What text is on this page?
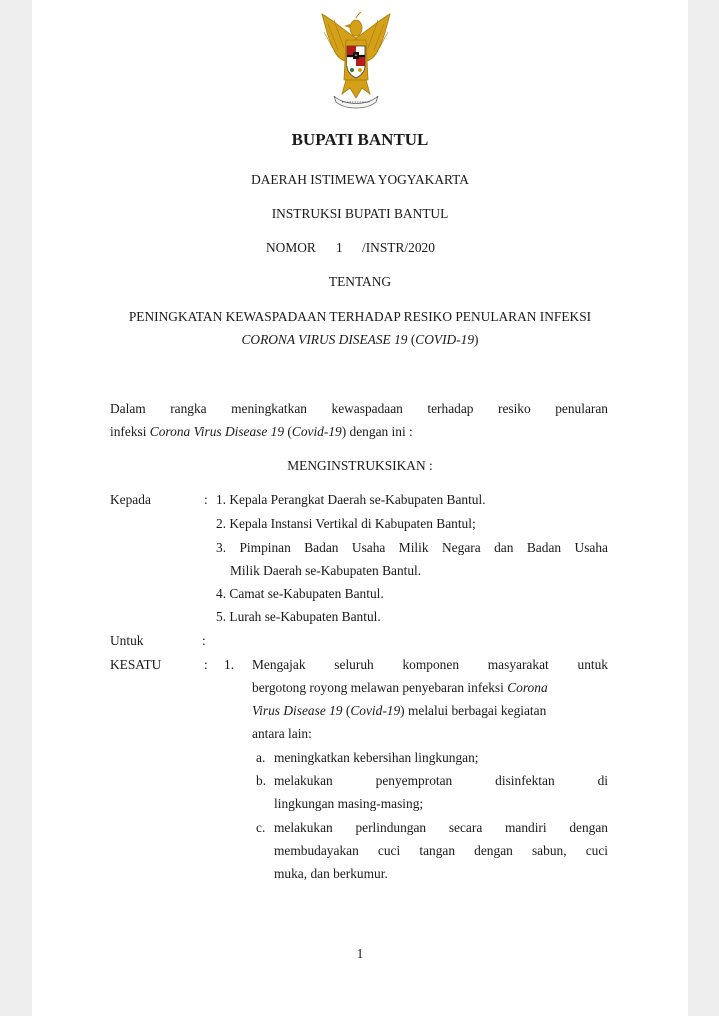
BUPATI BANTUL
DAERAH ISTIMEWA YOGYAKARTA
INSTRUKSI BUPATI BANTUL
NOMOR 1 /INSTR/2020
TENTANG
PENINGKATAN KEWASPADAAN TERHADAP RESIKO PENULARAN INFEKSI
CORONA VIRUS DISEASE 19 (COVID-19)
Dalam rangka meningkatkan kewaspadaan terhadap resiko penularan
infeksi Corona Virus Disease 19 (Covid-19) dengan ini :
MENGINSTRUKSIKAN :
Kepada	: 1. Kepala Perangkat Daerah se-Kabupaten Bantul.
2. Kepala Instansi Vertikal di Kabupaten Bantul;
3. Pimpinan Badan Usaha Milik Negara dan Badan Usaha
Milik Daerah se-Kabupaten Bantul.
4. Camat se-Kabupaten Bantul.
5. Lurah se-Kabupaten Bantul.
Untuk	:
KESATU	: 1. Mengajak seluruh komponen masyarakat untuk
bergotong royong melawan penyebaran infeksi Corona
Virus Disease 19 (Covid-19) melalui berbagai kegiatan
antara lain:
a. meningkatkan kebersihan lingkungan;
b. melakukan penyemprotan disinfektan di
lingkungan masing-masing;
c. melakukan perlindungan secara mandiri dengan
membudayakan cuci tangan dengan sabun, cuci
muka, dan berkumur.
1
